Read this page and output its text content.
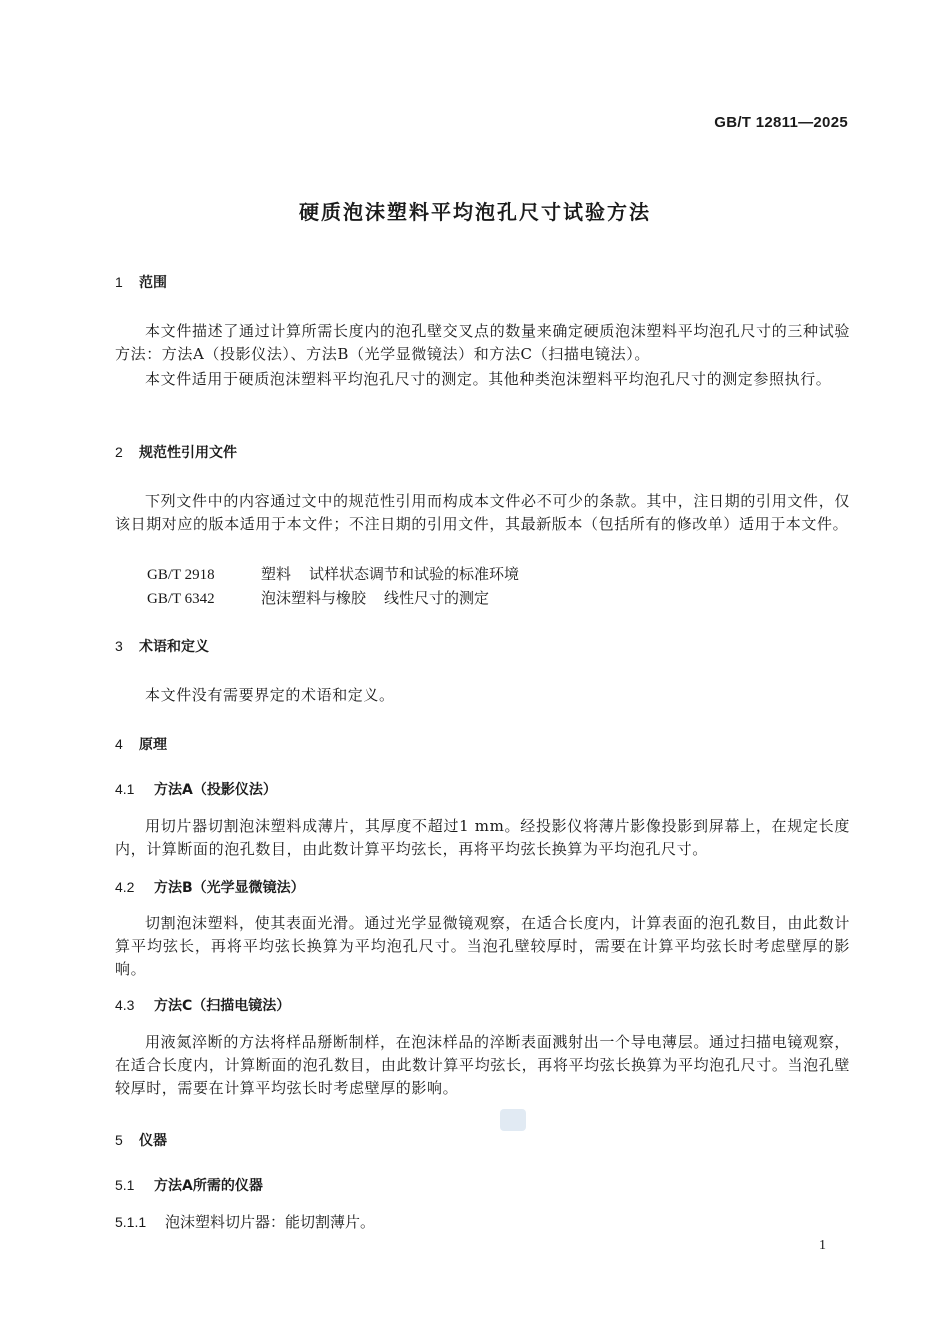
GB/T 12811—2025
硬质泡沫塑料平均泡孔尺寸试验方法
1 范围
本文件描述了通过计算所需长度内的泡孔壁交叉点的数量来确定硬质泡沫塑料平均泡孔尺寸的三种试验方法：方法A（投影仪法）、方法B（光学显微镜法）和方法C（扫描电镜法）。
本文件适用于硬质泡沫塑料平均泡孔尺寸的测定。其他种类泡沫塑料平均泡孔尺寸的测定参照执行。
2 规范性引用文件
下列文件中的内容通过文中的规范性引用而构成本文件必不可少的条款。其中，注日期的引用文件，仅该日期对应的版本适用于本文件；不注日期的引用文件，其最新版本（包括所有的修改单）适用于本文件。
GB/T 2918	塑料 试样状态调节和试验的标准环境
GB/T 6342	泡沫塑料与橡胶 线性尺寸的测定
3 术语和定义
本文件没有需要界定的术语和定义。
4 原理
4.1 方法A（投影仪法）
用切片器切割泡沫塑料成薄片，其厚度不超过1 mm。经投影仪将薄片影像投影到屏幕上，在规定长度内，计算断面的泡孔数目，由此数计算平均弦长，再将平均弦长换算为平均泡孔尺寸。
4.2 方法B（光学显微镜法）
切割泡沫塑料，使其表面光滑。通过光学显微镜观察，在适合长度内，计算表面的泡孔数目，由此数计算平均弦长，再将平均弦长换算为平均泡孔尺寸。当泡孔壁较厚时，需要在计算平均弦长时考虑壁厚的影响。
4.3 方法C（扫描电镜法）
用液氮淬断的方法将样品掰断制样，在泡沫样品的淬断表面溅射出一个导电薄层。通过扫描电镜观察，在适合长度内，计算断面的泡孔数目，由此数计算平均弦长，再将平均弦长换算为平均泡孔尺寸。当泡孔壁较厚时，需要在计算平均弦长时考虑壁厚的影响。
5 仪器
5.1 方法A所需的仪器
5.1.1 泡沫塑料切片器：能切割薄片。
1
